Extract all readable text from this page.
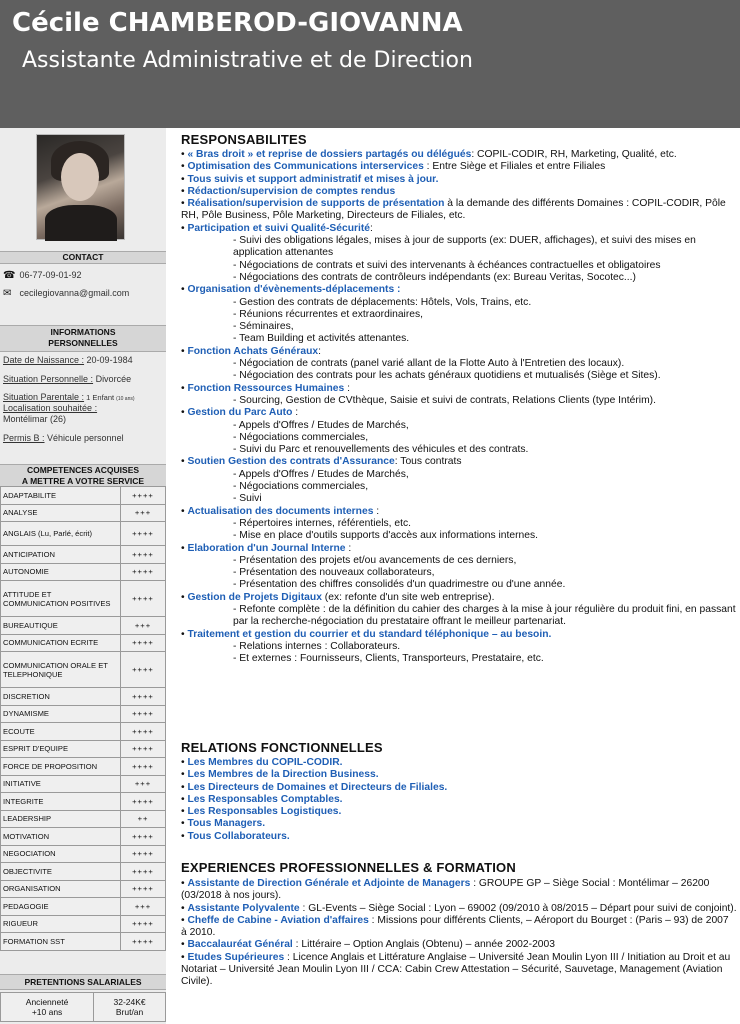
Cécile CHAMBEROD-GIOVANNA
Assistante Administrative et de Direction
CONTACT
☎ 06-77-09-01-92
✉ cecilegiovanna@gmail.com
INFORMATIONS
PERSONNELLES
Date de Naissance : 20-09-1984
Situation Personnelle : Divorcée
Situation Parentale : 1 Enfant (10 ans)
Localisation souhaitée :
Montélimar (26)
Permis B : Véhicule personnel
COMPETENCES ACQUISES
A METTRE A VOTRE SERVICE
ADAPTABILITE	++++
ANALYSE	+++
ANGLAIS (Lu, Parlé, écrit)	++++
ANTICIPATION	++++
AUTONOMIE	++++
ATTITUDE ET COMMUNICATION POSITIVES	++++
BUREAUTIQUE	+++
COMMUNICATION ECRITE	++++
COMMUNICATION ORALE ET TELEPHONIQUE	++++
DISCRETION	++++
DYNAMISME	++++
ECOUTE	++++
ESPRIT D'EQUIPE	++++
FORCE DE PROPOSITION	++++
INITIATIVE	+++
INTEGRITE	++++
LEADERSHIP	++
MOTIVATION	++++
NEGOCIATION	++++
OBJECTIVITE	++++
ORGANISATION	++++
PEDAGOGIE	+++
RIGUEUR	++++
FORMATION SST	++++
PRETENTIONS SALARIALES
Ancienneté
+10 ans

32-24K€
Brut/an
RESPONSABILITES

• « Bras droit » et reprise de dossiers partagés ou délégués: COPIL-CODIR, RH, Marketing, Qualité, etc.

• Optimisation des Communications interservices : Entre Siège et Filiales et entre Filiales

• Tous suivis et support administratif et mises à jour.

• Rédaction/supervision de comptes rendus

• Réalisation/supervision de supports de présentation à la demande des différents Domaines : COPIL-CODIR, Pôle RH, Pôle Business, Pôle Marketing, Directeurs de Filiales, etc.

• Participation et suivi Qualité-Sécurité:

- Suivi des obligations légales, mises à jour de supports (ex: DUER, affichages), et suivi des mises en application attenantes

- Négociations de contrats et suivi des intervenants à échéances contractuelles et obligatoires

- Négociations des contrats de contrôleurs indépendants (ex: Bureau Veritas, Socotec...)

• Organisation d'évènements-déplacements :

- Gestion des contrats de déplacements: Hôtels, Vols, Trains, etc.

- Réunions récurrentes et extraordinaires,

- Séminaires,

- Team Building et activités attenantes.

• Fonction Achats Généraux:

- Négociation de contrats (panel varié allant de la Flotte Auto à l'Entretien des locaux).

- Négociation des contrats pour les achats généraux quotidiens et mutualisés (Siège et Sites).

• Fonction Ressources Humaines :

- Sourcing, Gestion de CVthèque, Saisie et suivi de contrats, Relations Clients (type Intérim).

• Gestion du Parc Auto :

- Appels d'Offres / Etudes de Marchés,

- Négociations commerciales,

- Suivi du Parc et renouvellements des véhicules et des contrats.

• Soutien Gestion des contrats d'Assurance: Tous contrats

- Appels d'Offres / Etudes de Marchés,

- Négociations commerciales,

- Suivi

• Actualisation des documents internes :

- Répertoires internes, référentiels, etc.

- Mise en place d'outils supports d'accès aux informations internes.

• Elaboration d'un Journal Interne :

- Présentation des projets et/ou avancements de ces derniers,

- Présentation des nouveaux collaborateurs,

- Présentation des chiffres consolidés d'un quadrimestre ou d'une année.

• Gestion de Projets Digitaux (ex: refonte d'un site web entreprise).

- Refonte complète : de la définition du cahier des charges à la mise à jour régulière du produit fini, en passant par la recherche-négociation du prestataire offrant le meilleur partenariat.

• Traitement et gestion du courrier et du standard téléphonique – au besoin.

- Relations internes : Collaborateurs.

- Et externes : Fournisseurs, Clients, Transporteurs, Prestataire, etc.

RELATIONS FONCTIONNELLES

• Les Membres du COPIL-CODIR.

• Les Membres de la Direction Business.

• Les Directeurs de Domaines et Directeurs de Filiales.

• Les Responsables Comptables.

• Les Responsables Logistiques.

• Tous Managers.

• Tous Collaborateurs.

EXPERIENCES PROFESSIONNELLES & FORMATION

• Assistante de Direction Générale et Adjointe de Managers : GROUPE GP – Siège Social : Montélimar – 26200 (03/2018 à nos jours).

• Assistante Polyvalente : GL-Events – Siège Social : Lyon – 69002 (09/2010 à 08/2015 – Départ pour suivi de conjoint).

• Cheffe de Cabine - Aviation d'affaires : Missions pour différents Clients, – Aéroport du Bourget : (Paris – 93) de 2007 à 2010.

• Baccalauréat Général : Littéraire – Option Anglais (Obtenu) – année 2002-2003

• Etudes Supérieures : Licence Anglais et Littérature Anglaise – Université Jean Moulin Lyon III / Initiation au Droit et au Notariat – Université Jean Moulin Lyon III / CCA: Cabin Crew Attestation – Sécurité, Sauvetage, Management (Aviation Civile).
